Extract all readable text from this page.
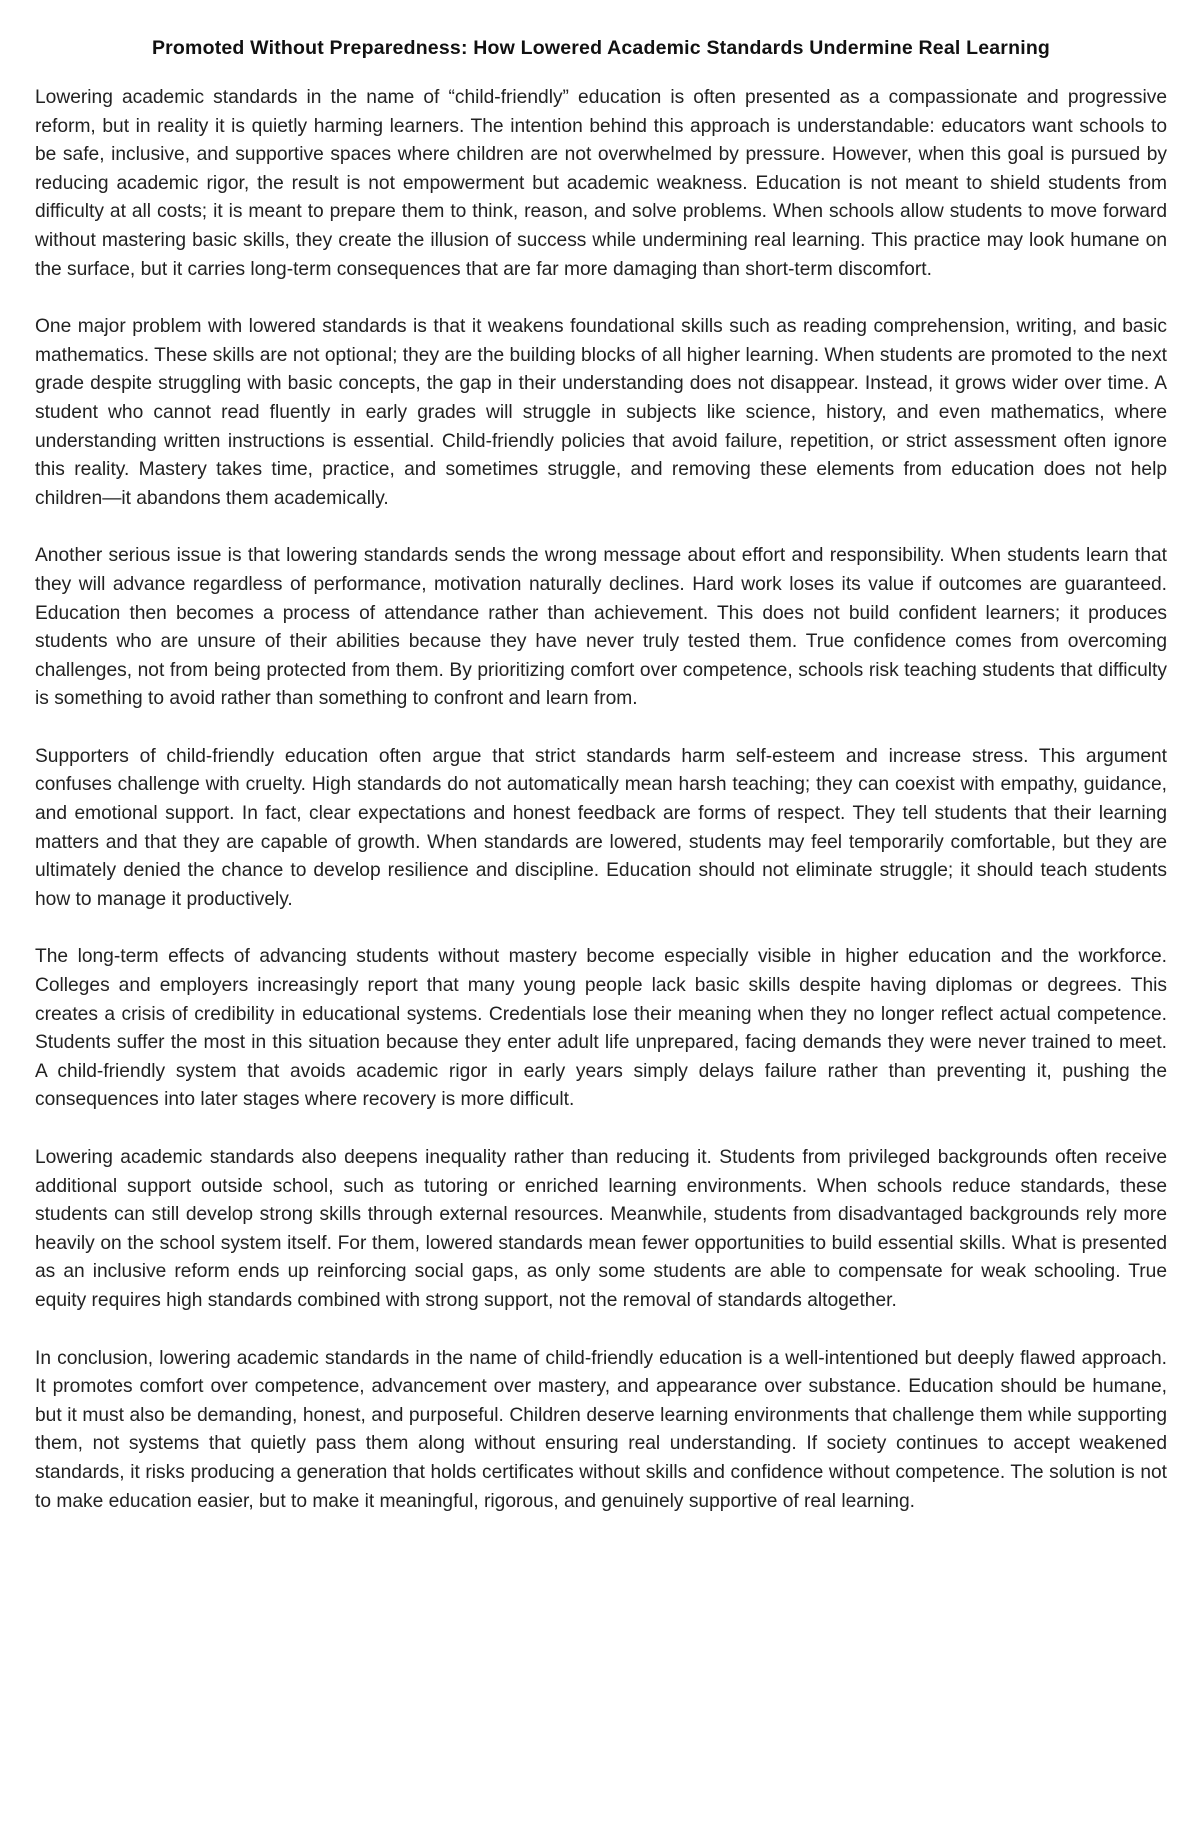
Promoted Without Preparedness: How Lowered Academic Standards Undermine Real Learning

Lowering academic standards in the name of “child-friendly” education is often presented as a compassionate and progressive reform, but in reality it is quietly harming learners. The intention behind this approach is understandable: educators want schools to be safe, inclusive, and supportive spaces where children are not overwhelmed by pressure. However, when this goal is pursued by reducing academic rigor, the result is not empowerment but academic weakness. Education is not meant to shield students from difficulty at all costs; it is meant to prepare them to think, reason, and solve problems. When schools allow students to move forward without mastering basic skills, they create the illusion of success while undermining real learning. This practice may look humane on the surface, but it carries long-term consequences that are far more damaging than short-term discomfort.

One major problem with lowered standards is that it weakens foundational skills such as reading comprehension, writing, and basic mathematics. These skills are not optional; they are the building blocks of all higher learning. When students are promoted to the next grade despite struggling with basic concepts, the gap in their understanding does not disappear. Instead, it grows wider over time. A student who cannot read fluently in early grades will struggle in subjects like science, history, and even mathematics, where understanding written instructions is essential. Child-friendly policies that avoid failure, repetition, or strict assessment often ignore this reality. Mastery takes time, practice, and sometimes struggle, and removing these elements from education does not help children—it abandons them academically.

Another serious issue is that lowering standards sends the wrong message about effort and responsibility. When students learn that they will advance regardless of performance, motivation naturally declines. Hard work loses its value if outcomes are guaranteed. Education then becomes a process of attendance rather than achievement. This does not build confident learners; it produces students who are unsure of their abilities because they have never truly tested them. True confidence comes from overcoming challenges, not from being protected from them. By prioritizing comfort over competence, schools risk teaching students that difficulty is something to avoid rather than something to confront and learn from.

Supporters of child-friendly education often argue that strict standards harm self-esteem and increase stress. This argument confuses challenge with cruelty. High standards do not automatically mean harsh teaching; they can coexist with empathy, guidance, and emotional support. In fact, clear expectations and honest feedback are forms of respect. They tell students that their learning matters and that they are capable of growth. When standards are lowered, students may feel temporarily comfortable, but they are ultimately denied the chance to develop resilience and discipline. Education should not eliminate struggle; it should teach students how to manage it productively.

The long-term effects of advancing students without mastery become especially visible in higher education and the workforce. Colleges and employers increasingly report that many young people lack basic skills despite having diplomas or degrees. This creates a crisis of credibility in educational systems. Credentials lose their meaning when they no longer reflect actual competence. Students suffer the most in this situation because they enter adult life unprepared, facing demands they were never trained to meet. A child-friendly system that avoids academic rigor in early years simply delays failure rather than preventing it, pushing the consequences into later stages where recovery is more difficult.

Lowering academic standards also deepens inequality rather than reducing it. Students from privileged backgrounds often receive additional support outside school, such as tutoring or enriched learning environments. When schools reduce standards, these students can still develop strong skills through external resources. Meanwhile, students from disadvantaged backgrounds rely more heavily on the school system itself. For them, lowered standards mean fewer opportunities to build essential skills. What is presented as an inclusive reform ends up reinforcing social gaps, as only some students are able to compensate for weak schooling. True equity requires high standards combined with strong support, not the removal of standards altogether.

In conclusion, lowering academic standards in the name of child-friendly education is a well-intentioned but deeply flawed approach. It promotes comfort over competence, advancement over mastery, and appearance over substance. Education should be humane, but it must also be demanding, honest, and purposeful. Children deserve learning environments that challenge them while supporting them, not systems that quietly pass them along without ensuring real understanding. If society continues to accept weakened standards, it risks producing a generation that holds certificates without skills and confidence without competence. The solution is not to make education easier, but to make it meaningful, rigorous, and genuinely supportive of real learning.
